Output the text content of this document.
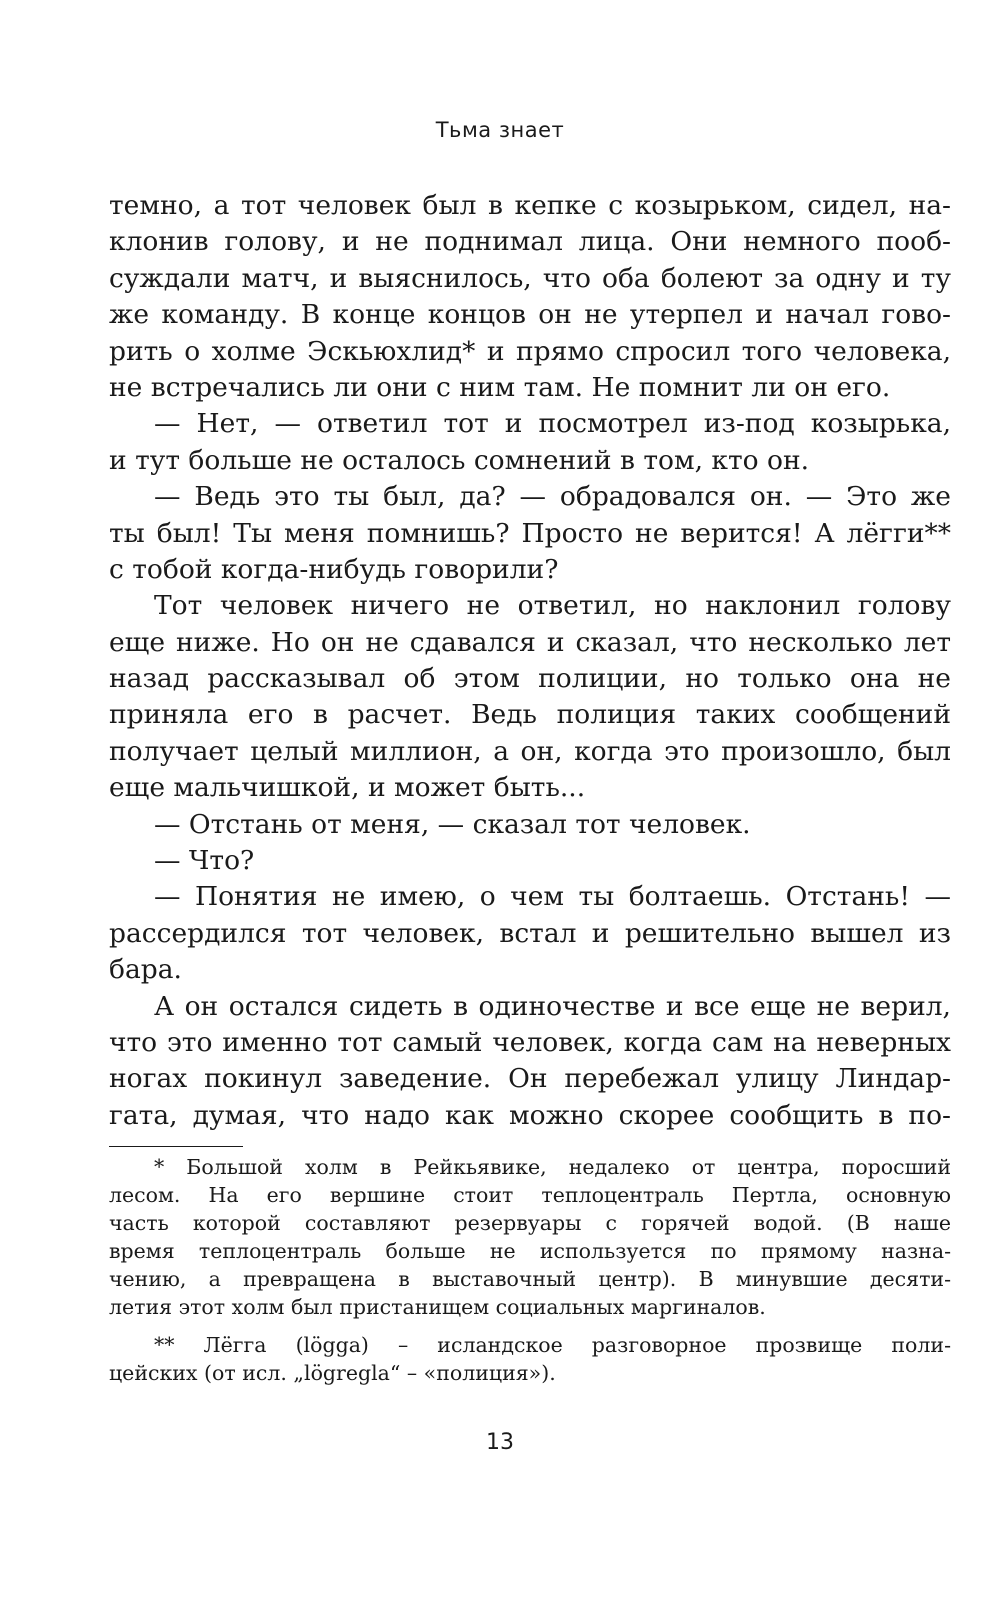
Тьма знает
темно, а тот человек был в кепке с козырьком, сидел, на-
клонив голову, и не поднимал лица. Они немного пооб-
суждали матч, и выяснилось, что оба болеют за одну и ту
же команду. В конце концов он не утерпел и начал гово-
рить о холме Эскьюхлид* и прямо спросил того человека,
не встречались ли они с ним там. Не помнит ли он его.
— Нет, — ответил тот и посмотрел из-под козырька,
и тут больше не осталось сомнений в том, кто он.
— Ведь это ты был, да? — обрадовался он. — Это же
ты был! Ты меня помнишь? Просто не верится! А лёгги**
с тобой когда-нибудь говорили?
Тот человек ничего не ответил, но наклонил голову
еще ниже. Но он не сдавался и сказал, что несколько лет
назад рассказывал об этом полиции, но только она не
приняла его в расчет. Ведь полиция таких сообщений
получает целый миллион, а он, когда это произошло, был
еще мальчишкой, и может быть...
— Отстань от меня, — сказал тот человек.
— Что?
— Понятия не имею, о чем ты болтаешь. Отстань! —
рассердился тот человек, встал и решительно вышел из
бара.
А он остался сидеть в одиночестве и все еще не верил,
что это именно тот самый человек, когда сам на неверных
ногах покинул заведение. Он перебежал улицу Линдар-
гата, думая, что надо как можно скорее сообщить в по-
* Большой холм в Рейкьявике, недалеко от центра, поросший
лесом. На его вершине стоит теплоцентраль Пертла, основную
часть которой составляют резервуары с горячей водой. (В наше
время теплоцентраль больше не используется по прямому назна-
чению, а превращена в выставочный центр). В минувшие десяти-
летия этот холм был пристанищем социальных маргиналов.
** Лёгга (lögga) – исландское разговорное прозвище поли-
цейских (от исл. „lögregla“ – «полиция»).
13
